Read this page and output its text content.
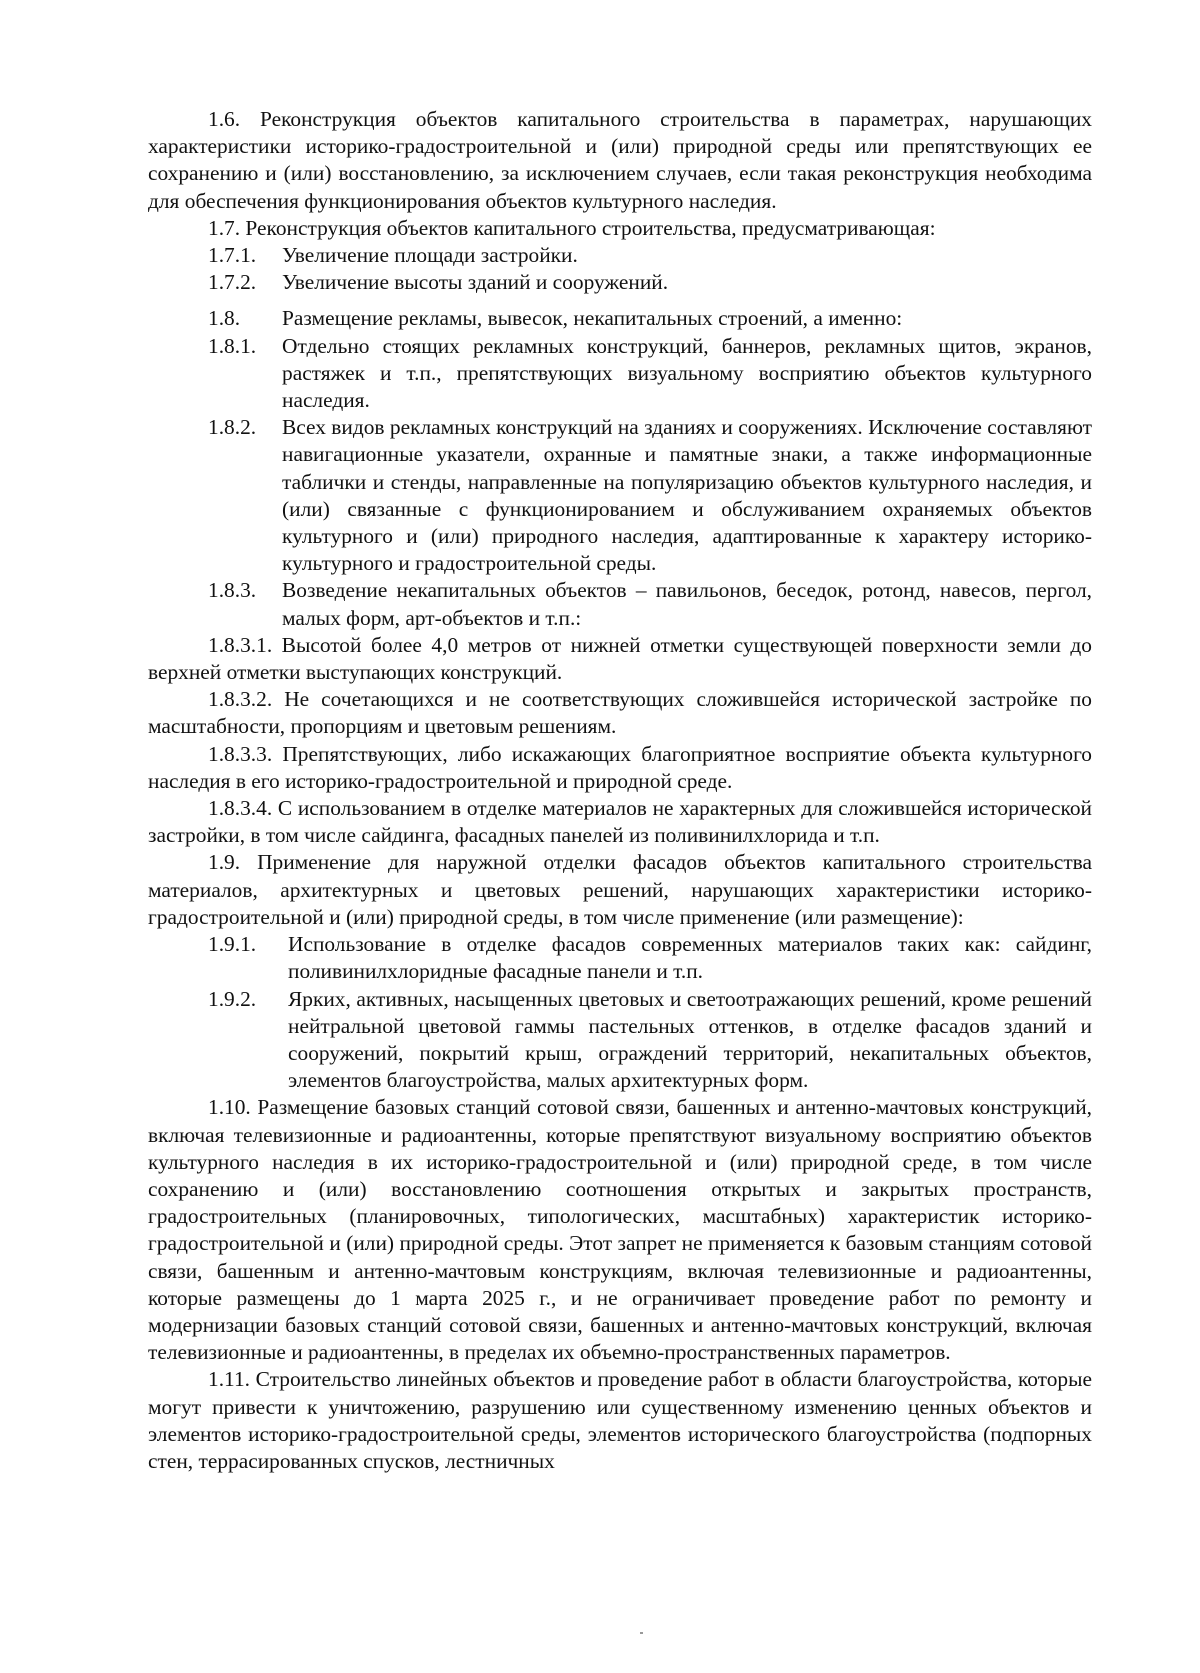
1.6. Реконструкция объектов капитального строительства в параметрах, нарушающих характеристики историко-градостроительной и (или) природной среды или препятствующих ее сохранению и (или) восстановлению, за исключением случаев, если такая реконструкция необходима для обеспечения функционирования объектов культурного наследия.

1.7. Реконструкция объектов капитального строительства, предусматривающая:

1.7.1.	Увеличение площади застройки.
1.7.2.	Увеличение высоты зданий и сооружений.
1.8.	Размещение рекламы, вывесок, некапитальных строений, а именно:
1.8.1.	Отдельно стоящих рекламных конструкций, баннеров, рекламных щитов, экранов, растяжек и т.п., препятствующих визуальному восприятию объектов культурного наследия.
1.8.2.	Всех видов рекламных конструкций на зданиях и сооружениях. Исключение составляют навигационные указатели, охранные и памятные знаки, а также информационные таблички и стенды, направленные на популяризацию объектов культурного наследия, и (или) связанные с функционированием и обслуживанием охраняемых объектов культурного и (или) природного наследия, адаптированные к характеру историко-культурного и градостроительной среды.
1.8.3.	Возведение некапитальных объектов – павильонов, беседок, ротонд, навесов, пергол, малых форм, арт-объектов и т.п.:

1.8.3.1. Высотой более 4,0 метров от нижней отметки существующей поверхности земли до верхней отметки выступающих конструкций.

1.8.3.2. Не сочетающихся и не соответствующих сложившейся исторической застройке по масштабности, пропорциям и цветовым решениям.

1.8.3.3. Препятствующих, либо искажающих благоприятное восприятие объекта культурного наследия в его историко-градостроительной и природной среде.

1.8.3.4. С использованием в отделке материалов не характерных для сложившейся исторической застройки, в том числе сайдинга, фасадных панелей из поливинилхлорида и т.п.

1.9. Применение для наружной отделки фасадов объектов капитального строительства материалов, архитектурных и цветовых решений, нарушающих характеристики историко-градостроительной и (или) природной среды, в том числе применение (или размещение):

1.9.1.	Использование в отделке фасадов современных материалов таких как: сайдинг, поливинилхлоридные фасадные панели и т.п.
1.9.2.	Ярких, активных, насыщенных цветовых и светоотражающих решений, кроме решений нейтральной цветовой гаммы пастельных оттенков, в отделке фасадов зданий и сооружений, покрытий крыш, ограждений территорий, некапитальных объектов, элементов благоустройства, малых архитектурных форм.

1.10. Размещение базовых станций сотовой связи, башенных и антенно-мачтовых конструкций, включая телевизионные и радиоантенны, которые препятствуют визуальному восприятию объектов культурного наследия в их историко-градостроительной и (или) природной среде, в том числе сохранению и (или) восстановлению соотношения открытых и закрытых пространств, градостроительных (планировочных, типологических, масштабных) характеристик историко-градостроительной и (или) природной среды. Этот запрет не применяется к базовым станциям сотовой связи, башенным и антенно-мачтовым конструкциям, включая телевизионные и радиоантенны, которые размещены до 1 марта 2025 г., и не ограничивает проведение работ по ремонту и модернизации базовых станций сотовой связи, башенных и антенно-мачтовых конструкций, включая телевизионные и радиоантенны, в пределах их объемно-пространственных параметров.

1.11. Строительство линейных объектов и проведение работ в области благоустройства, которые могут привести к уничтожению, разрушению или существенному изменению ценных объектов и элементов историко-градостроительной среды, элементов исторического благоустройства (подпорных стен, террасированных спусков, лестничных
